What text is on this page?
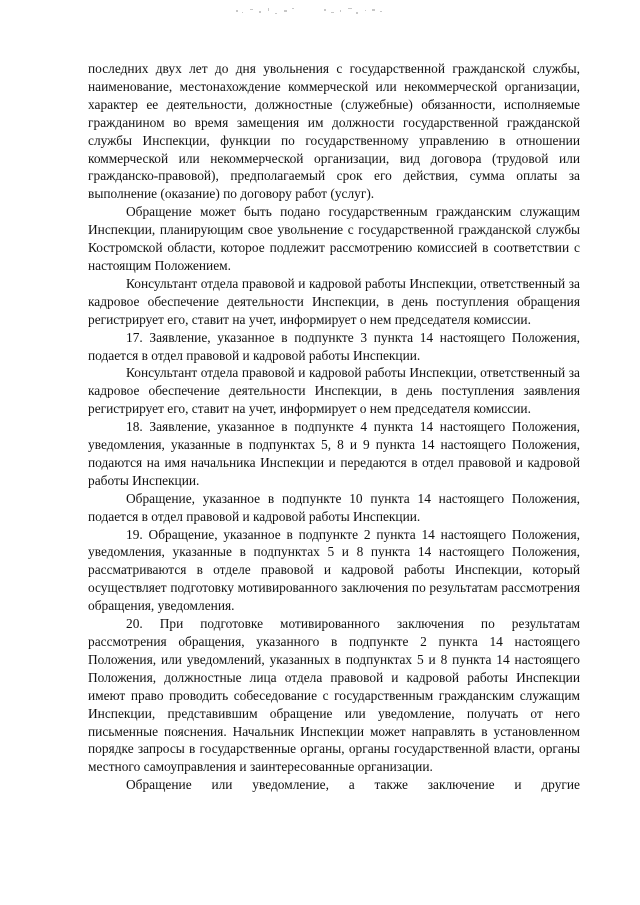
последних двух лет до дня увольнения с государственной гражданской службы, наименование, местонахождение коммерческой или некоммерческой организации, характер ее деятельности, должностные (служебные) обязанности, исполняемые гражданином во время замещения им должности государственной гражданской службы Инспекции, функции по государственному управлению в отношении коммерческой или некоммерческой организации, вид договора (трудовой или гражданско-правовой), предполагаемый срок его действия, сумма оплаты за выполнение (оказание) по договору работ (услуг).

Обращение может быть подано государственным гражданским служащим Инспекции, планирующим свое увольнение с государственной гражданской службы Костромской области, которое подлежит рассмотрению комиссией в соответствии с настоящим Положением.

Консультант отдела правовой и кадровой работы Инспекции, ответственный за кадровое обеспечение деятельности Инспекции, в день поступления обращения регистрирует его, ставит на учет, информирует о нем председателя комиссии.

17. Заявление, указанное в подпункте 3 пункта 14 настоящего Положения, подается в отдел правовой и кадровой работы Инспекции.

Консультант отдела правовой и кадровой работы Инспекции, ответственный за кадровое обеспечение деятельности Инспекции, в день поступления заявления регистрирует его, ставит на учет, информирует о нем председателя комиссии.

18. Заявление, указанное в подпункте 4 пункта 14 настоящего Положения, уведомления, указанные в подпунктах 5, 8 и 9 пункта 14 настоящего Положения, подаются на имя начальника Инспекции и передаются в отдел правовой и кадровой работы Инспекции.

Обращение, указанное в подпункте 10 пункта 14 настоящего Положения, подается в отдел правовой и кадровой работы Инспекции.

19. Обращение, указанное в подпункте 2 пункта 14 настоящего Положения, уведомления, указанные в подпунктах 5 и 8 пункта 14 настоящего Положения, рассматриваются в отделе правовой и кадровой работы Инспекции, который осуществляет подготовку мотивированного заключения по результатам рассмотрения обращения, уведомления.

20. При подготовке мотивированного заключения по результатам рассмотрения обращения, указанного в подпункте 2 пункта 14 настоящего Положения, или уведомлений, указанных в подпунктах 5 и 8 пункта 14 настоящего Положения, должностные лица отдела правовой и кадровой работы Инспекции имеют право проводить собеседование с государственным гражданским служащим Инспекции, представившим обращение или уведомление, получать от него письменные пояснения. Начальник Инспекции может направлять в установленном порядке запросы в государственные органы, органы государственной власти, органы местного самоуправления и заинтересованные организации.

Обращение или уведомление, а также заключение и другие
